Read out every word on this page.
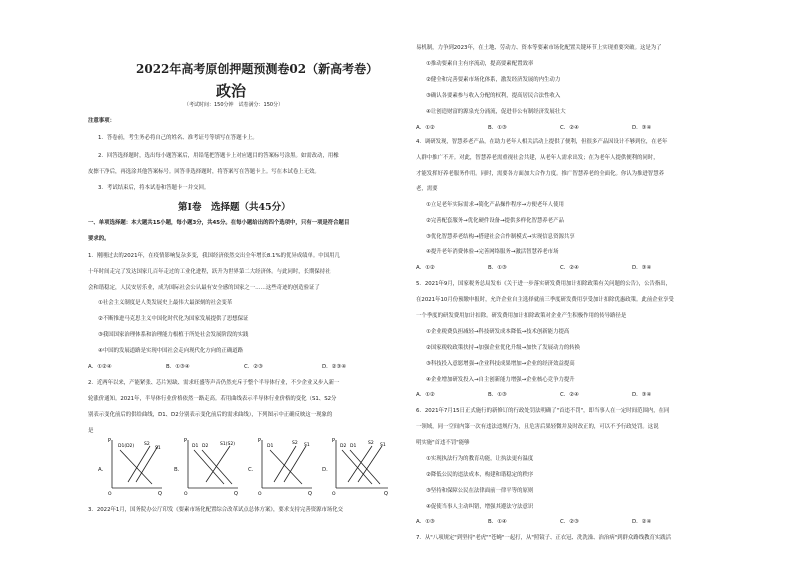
2022年高考原创押题预测卷02（新高考卷）
政治
（考试时间：150分钟　试卷满分：150分）
注意事项：
1．答卷前，考生务必将自己的姓名、准考证号等填写在答题卡上。
2．回答选择题时，选出每小题答案后，用铅笔把答题卡上对应题目的答案标号涂黑。如需改动，用橡
皮擦干净后，再选涂其他答案标号。回答非选择题时，将答案写在答题卡上。写在本试卷上无效。
3．考试结束后，将本试卷和答题卡一并交回。
第Ⅰ卷　选择题（共45分）
一、单项选择题：本大题共15小题，每小题3分，共45分。在每小题给出的四个选项中，只有一项是符合题目
要求的。
1．刚刚过去的2021年，在疫情影响复杂多变，我国经济依然交出全年增长8.1%的优异成绩单。中国用几
十年时间走完了发达国家几百年走过的工业化进程，跃升为世界第二大经济体。与此同时，长期保持社
会和谐稳定，人民安居乐业，成为国际社会公认最有安全感的国家之一……这些奇迹的创造验证了
①社会主义制度是人类发展史上最伟大最深刻的社会变革
②不断推进马克思主义中国化时代化为国家发展提供了思想保证
③我国国家治理体系和治理能力根植于所处社会发展阶段的实践
④中国的发展道路是实现中国社会走向现代化方向的正确道路
A．①②④	B．①③④	C．②③	D．②③④
2．近两年以来，产能紧张、芯片短缺、需求旺盛等声音仍然充斥于整个半导体行业，不少企业又步入新一
轮涨价通知。2021年，半导体行业价格依然一路走高。若用曲线表示半导体行业价格的变化（S1、S2分
别表示变化前后的供给曲线，D1、D2分别表示变化前后的需求曲线），下列图示中正确反映这一现象的
是
A．
P
Q
O
D1(D2) S2
S1
B．
P
Q
O
D1 D2	S1(S2)
C．
P
Q
O
D1
S2 S1
D．
P
Q
O
D2 D1
S2 S1
3．2022年1月，国务院办公厅印发《要素市场化配置综合改革试点总体方案》，要求支持完善资源市场化交
易机制，力争到2023年，在土地、劳动力、资本等要素市场化配置关键环节上实现重要突破。这是为了
①推动要素自主有序流动，提高要素配置效率
②健全和完善要素市场化体系，激发经济发展的内生动力
③确认各要素参与收入分配的权利，提高居民合法性收入
④让创造财富的源泉充分涌流，促进非公有制经济发展壮大
A．①②	B．①③	C．②④	D．③④
4．调研发现，智慧养老产品，在助力老年人相关活动上提供了便利，但很多产品因设计不够到位，在老年
人群中推广不开。对此，智慧养老需重视社会共建，从老年人需求出发；在为老年人提供便利的同时，
才能发挥好养老服务作用。同时，需要各方面加大合作力度。推广智慧养老的全面化。你认为推进智慧养
老，需要
①立足老年实际需求→简化产品操作程序→方便老年人使用
②完善配套服务→优化硬件设备→提供多样化智慧养老产品
③优化智慧养老结构→搭建社会合作制模式→实现信息资源共享
④提升老年消费体验→完善网络服务→激活智慧养老市场
A．①②	B．①③	C．②④	D．③④
5．2021年9月，国家税务总局发布《关于进一步落实研发费用加计扣除政策有关问题的公告》，公告指出，
在2021年10月份预缴申报时，允许企业自主选择就前三季度研发费用享受加计扣除优惠政策。此前企业享受
一个季度的研发费用加计扣除。研发费用加计扣除政策对企业产生积极作用的传导路径是
①企业税费负担减轻→科技研发成本降低→技术创新能力提高
②国家税收政策扶持→加强企业优化升级→加快了发展动力的转换
③科技投入意愿增强→企业科技成果增加→企业的经济效益提高
④企业增加研发投入→自主创新能力增强→企业核心竞争力提升
A．①②	B．①③	C．②④	D．③④
6．2021年7月15日正式施行的新修订的行政处罚法明确了"首违不罚"，即当事人在一定时间范围内，在同
一领域，同一空间内第一次有违法违规行为，且危害后果轻微并及时改正的，可以不予行政处罚。这说
明实施"首违不罚"能够
①实现执法行为的教育功能，让执法更有温度
②降低公民的违法成本，构建和谐稳定的秩序
③坚持和保障公民在法律面前一律平等的原则
④促使当事人主动纠错，增强其遵法守法意识
A．①③	B．①④	C．②③	D．②④
7．从"八项规定"到坚持"老虎""苍蝇"一起打，从"照镜子、正衣冠、洗洗澡、治治病"到群众路线教育实践活
